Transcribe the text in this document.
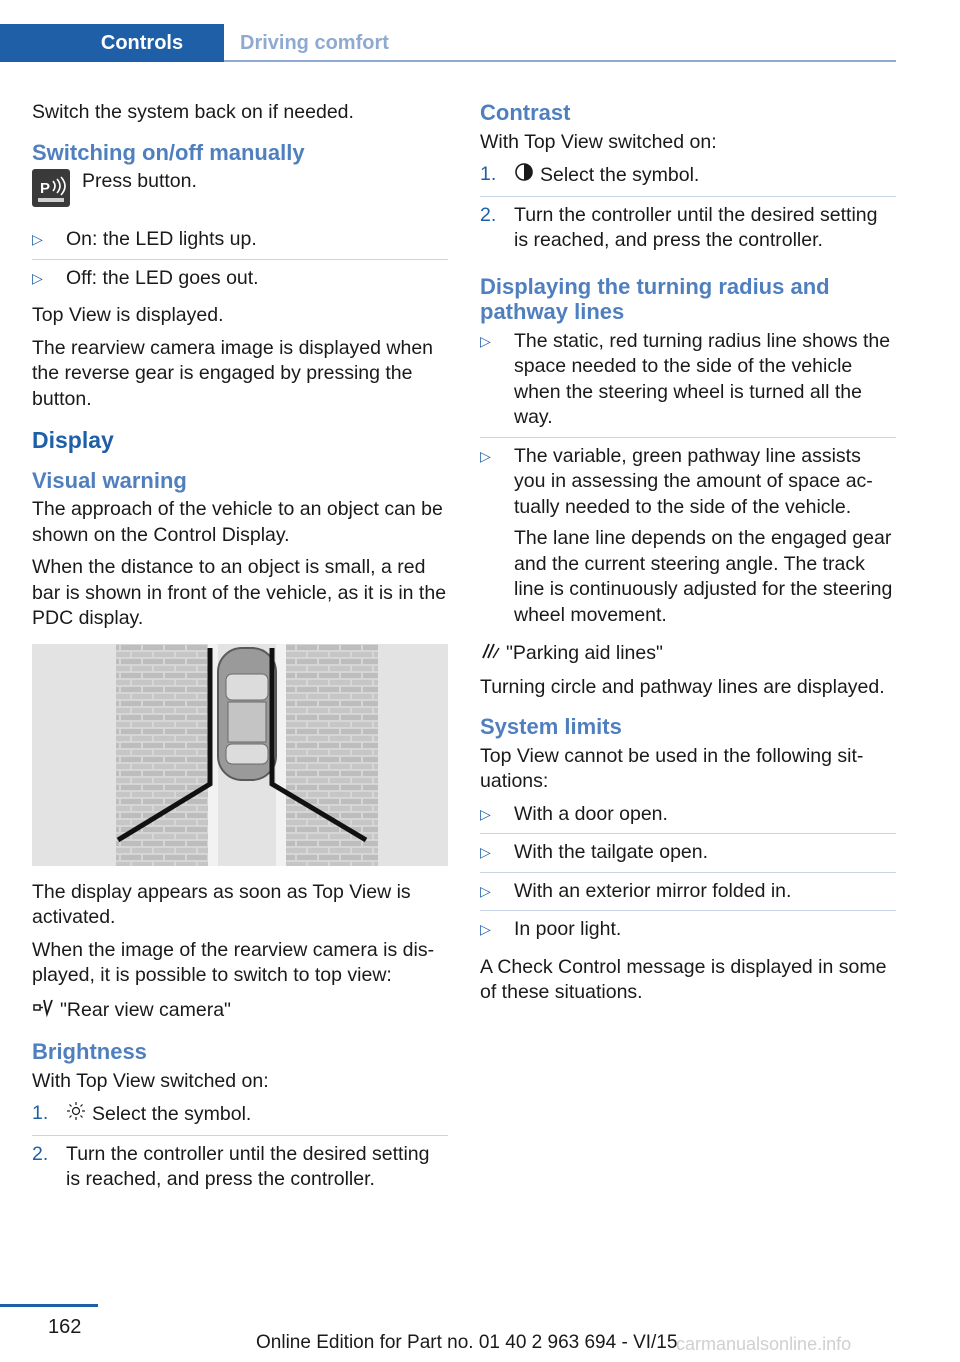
Controls	Driving comfort

Switch the system back on if needed.

Switching on/off manually
P Press button.
▷ On: the LED lights up.
▷ Off: the LED goes out.

Top View is displayed.

The rearview camera image is displayed when the reverse gear is engaged by pressing the button.

Display
Visual warning

The approach of the vehicle to an object can be shown on the Control Display.

When the distance to an object is small, a red bar is shown in front of the vehicle, as it is in the PDC display.

The display appears as soon as Top View is activated.

When the image of the rearview camera is dis-played, it is possible to switch to top view:

"Rear view camera"

Brightness

With Top View switched on:

1. Select the symbol.
2. Turn the controller until the desired setting is reached, and press the controller.
Contrast

With Top View switched on:

1. Select the symbol.
2. Turn the controller until the desired setting is reached, and press the controller.
Displaying the turning radius and pathway lines
▷ The static, red turning radius line shows the space needed to the side of the vehicle when the steering wheel is turned all the way.
▷ The variable, green pathway line assists you in assessing the amount of space ac-tually needed to the side of the vehicle.
The lane line depends on the engaged gear and the current steering angle. The track line is continuously adjusted for the steering wheel movement.

"Parking aid lines"

Turning circle and pathway lines are displayed.

System limits

Top View cannot be used in the following sit-uations:

▷ With a door open.
▷ With the tailgate open.
▷ With an exterior mirror folded in.
▷ In poor light.

A Check Control message is displayed in some of these situations.

162
Online Edition for Part no. 01 40 2 963 694 - VI/15
carmanualsonline.info
